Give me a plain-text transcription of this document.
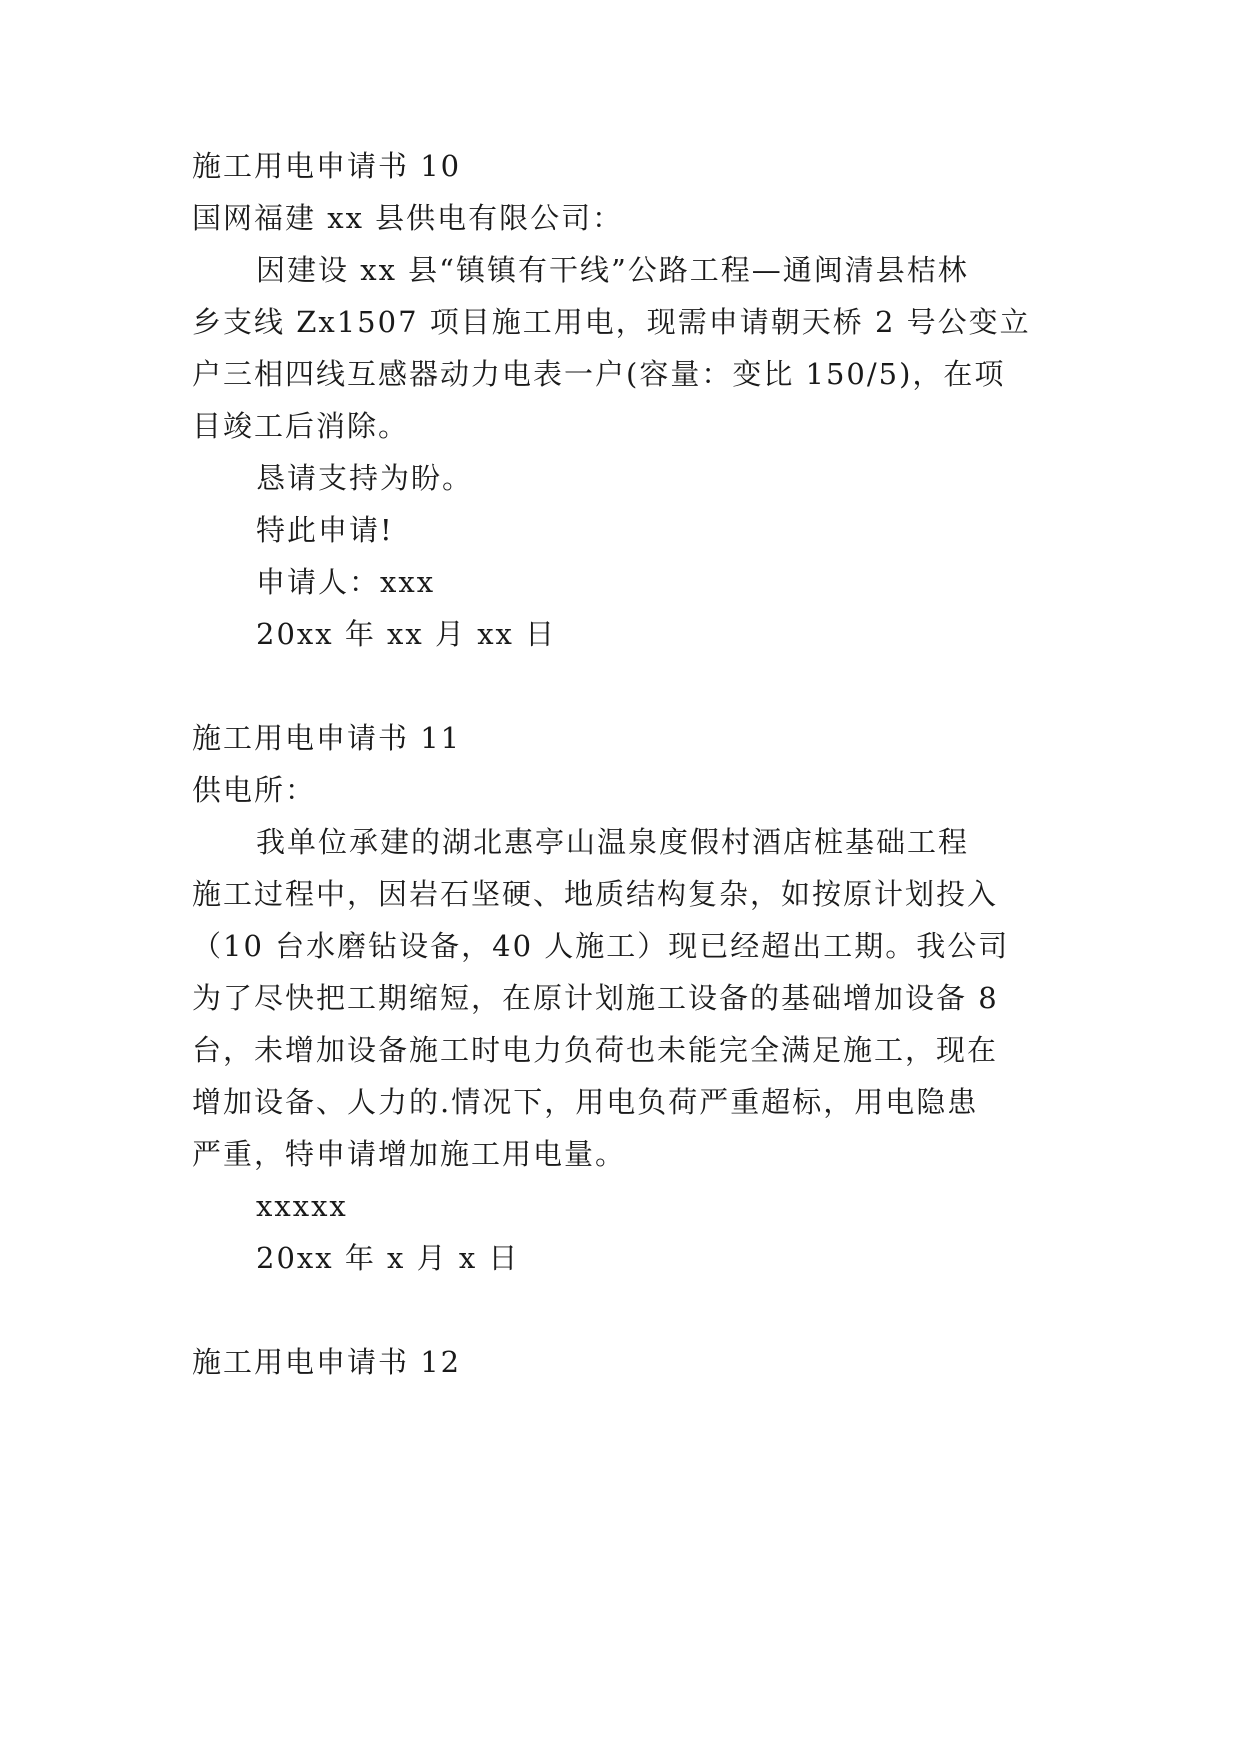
施工用电申请书 10
国网福建 xx 县供电有限公司：
因建设 xx 县“镇镇有干线”公路工程—通闽清县桔林
乡支线 Zx1507 项目施工用电，现需申请朝天桥 2 号公变立
户三相四线互感器动力电表一户(容量：变比 150/5)，在项
目竣工后消除。
恳请支持为盼。
特此申请!
申请人：xxx
20xx 年 xx 月 xx 日
施工用电申请书 11
供电所：
我单位承建的湖北惠亭山温泉度假村酒店桩基础工程
施工过程中，因岩石坚硬、地质结构复杂，如按原计划投入
（10 台水磨钻设备，40 人施工）现已经超出工期。我公司
为了尽快把工期缩短，在原计划施工设备的基础增加设备 8
台，未增加设备施工时电力负荷也未能完全满足施工，现在
增加设备、人力的.情况下，用电负荷严重超标，用电隐患
严重，特申请增加施工用电量。
xxxxx
20xx 年 x 月 x 日
施工用电申请书 12
